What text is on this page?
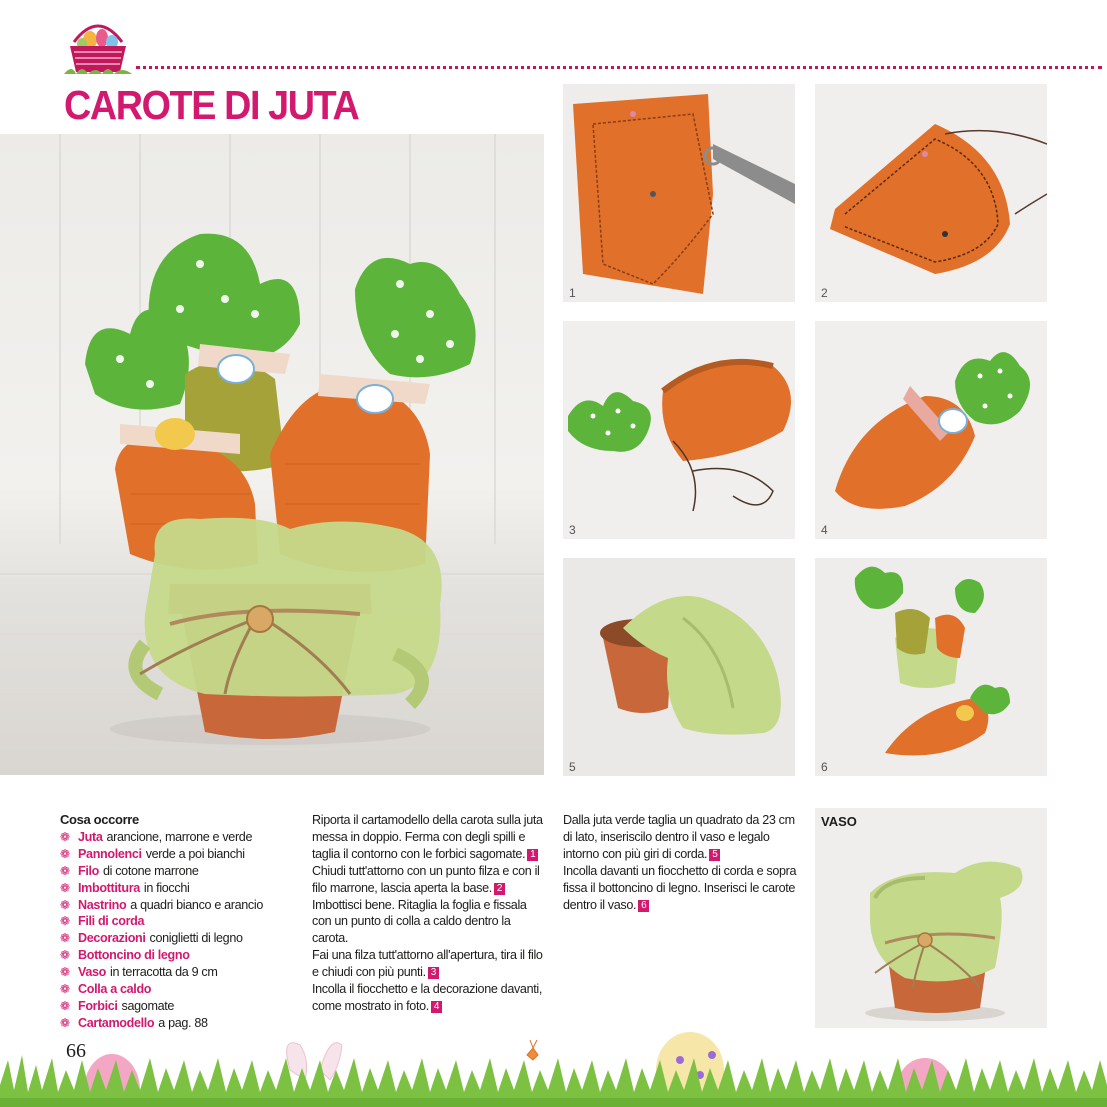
CAROTE DI JUTA
1	2
3	4
5	6

Cosa occorre

❁ Juta arancione, marrone e verde
❁ Pannolenci verde a poi bianchi
❁ Filo di cotone marrone
❁ Imbottitura in fiocchi
❁ Nastrino a quadri bianco e arancio
❁ Fili di corda
❁ Decorazioni coniglietti di legno
❁ Bottoncino di legno
❁ Vaso in terracotta da 9 cm
❁ Colla a caldo
❁ Forbici sagomate
❁ Cartamodello a pag. 88

Riporta il cartamodello della carota sulla juta messa in doppio. Ferma con degli spilli e taglia il contorno con le forbici sagomate. 1

Chiudi tutt'attorno con un punto filza e con il filo marrone, lascia aperta la base. 2

Imbottisci bene. Ritaglia la foglia e fissala con un punto di colla a caldo dentro la carota.

Fai una filza tutt'attorno all'apertura, tira il filo e chiudi con più punti. 3

Incolla il fiocchetto e la decorazione davanti, come mostrato in foto. 4

Dalla juta verde taglia un quadrato da 23 cm di lato, inseriscilo dentro il vaso e legalo intorno con più giri di corda. 5

Incolla davanti un fiocchetto di corda e sopra fissa il bottoncino di legno. Inserisci le carote dentro il vaso. 6

VASO
66
